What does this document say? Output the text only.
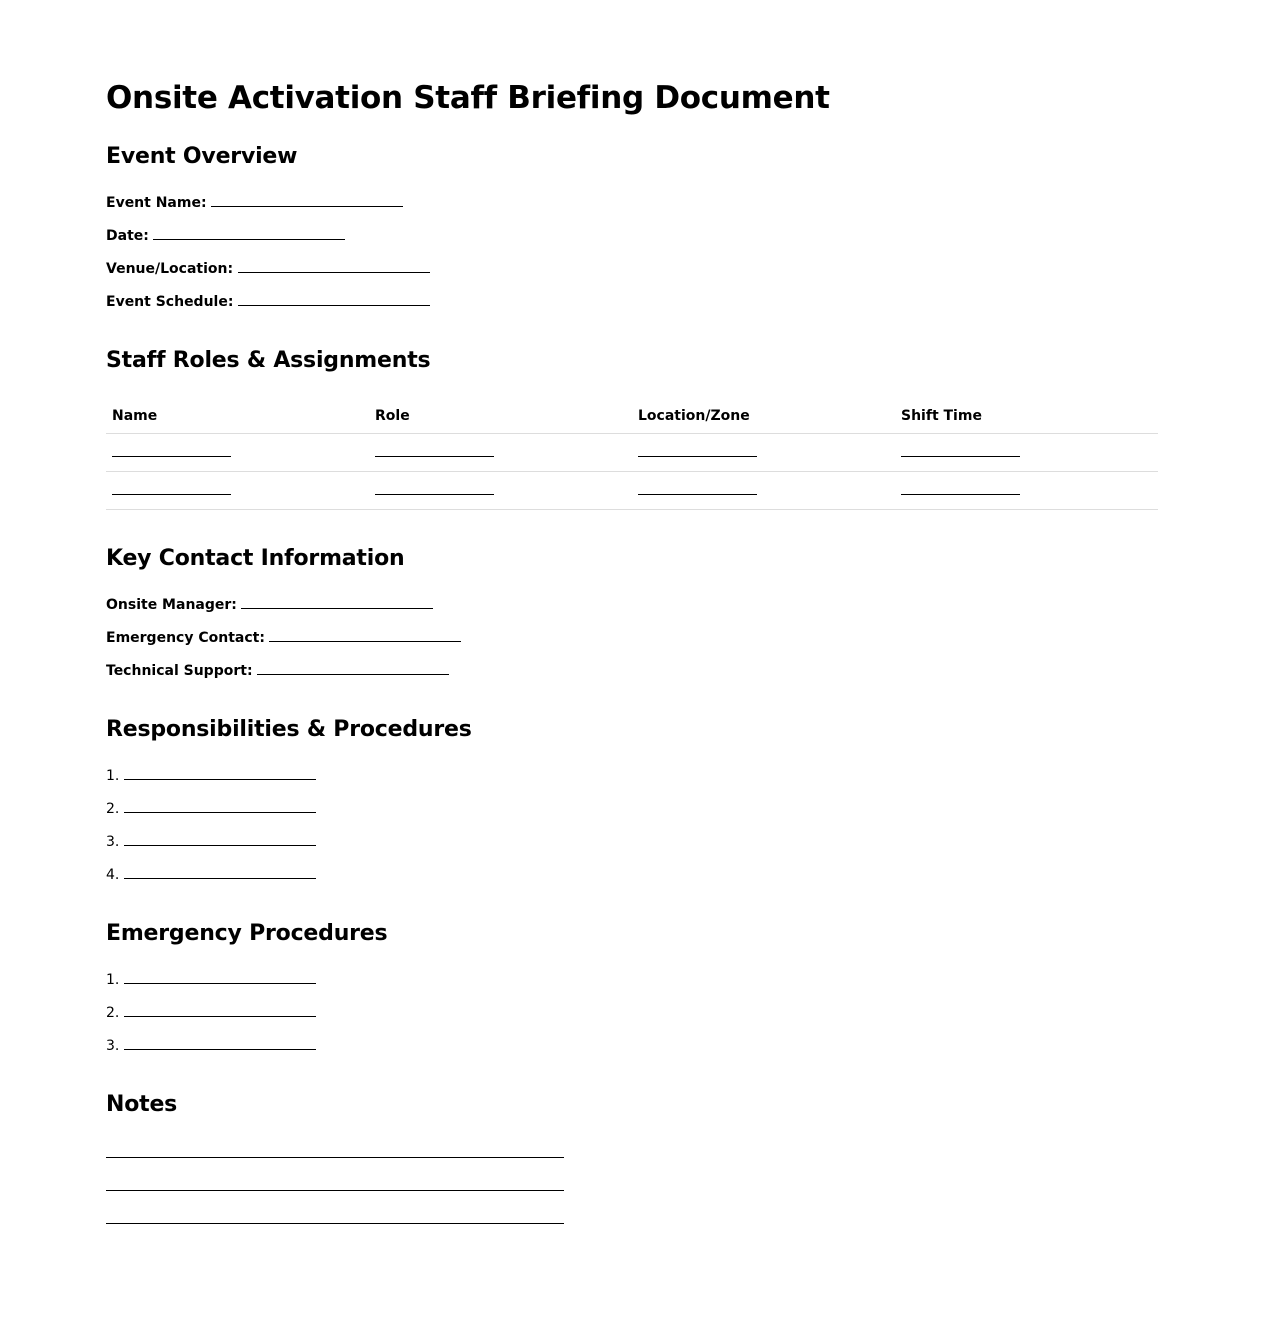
Onsite Activation Staff Briefing Document
Event Overview
Event Name:
Date:
Venue/Location:
Event Schedule:
Staff Roles & Assignments
Name	Role	Location/Zone	Shift Time

Key Contact Information
Onsite Manager:
Emergency Contact:
Technical Support:
Responsibilities & Procedures
1.
2.
3.
4.
Emergency Procedures
1.
2.
3.
Notes
